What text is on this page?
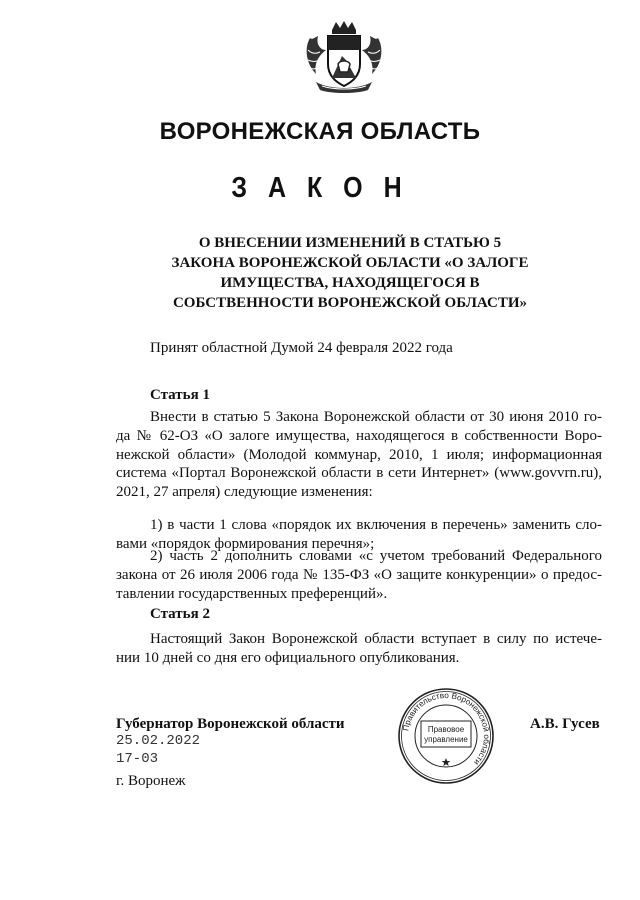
ВОРОНЕЖСКАЯ ОБЛАСТЬ
З А К О Н
О ВНЕСЕНИИ ИЗМЕНЕНИЙ В СТАТЬЮ 5
ЗАКОНА ВОРОНЕЖСКОЙ ОБЛАСТИ «О ЗАЛОГЕ
ИМУЩЕСТВА, НАХОДЯЩЕГОСЯ В
СОБСТВЕННОСТИ ВОРОНЕЖСКОЙ ОБЛАСТИ»
Принят областной Думой 24 февраля 2022 года
Статья 1
Внести в статью 5 Закона Воронежской области от 30 июня 2010 го-
да № 62-ОЗ «О залоге имущества, находящегося в собственности Воро-
нежской области» (Молодой коммунар, 2010, 1 июля; информационная
система «Портал Воронежской области в сети Интернет» (www.govvrn.ru),
2021, 27 апреля) следующие изменения:
1) в части 1 слова «порядок их включения в перечень» заменить сло-
вами «порядок формирования перечня»;
2) часть 2 дополнить словами «с учетом требований Федерального
закона от 26 июля 2006 года № 135-ФЗ «О защите конкуренции» о предос-
тавлении государственных преференций».
Статья 2
Настоящий Закон Воронежской области вступает в силу по истече-
нии 10 дней со дня его официального опубликования.
Губернатор Воронежской области	А.В. Гусев
25.02.2022
17-03
г. Воронеж
Правительство Воронежской области
Правовое
управление
